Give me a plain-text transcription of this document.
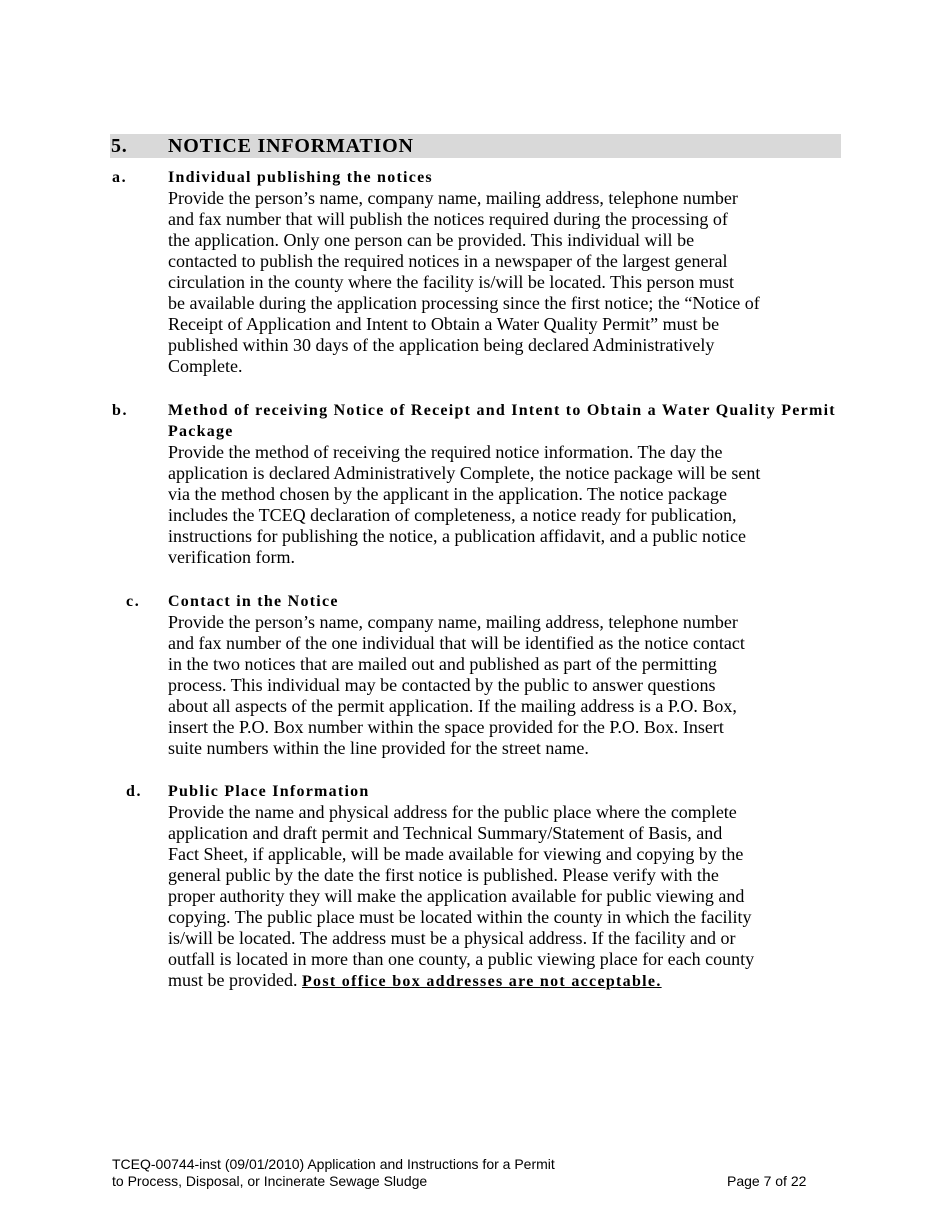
5. NOTICE INFORMATION
a.	Individual publishing the notices
Provide the person’s name, company name, mailing address, telephone number
and fax number that will publish the notices required during the processing of
the application. Only one person can be provided. This individual will be
contacted to publish the required notices in a newspaper of the largest general
circulation in the county where the facility is/will be located. This person must
be available during the application processing since the first notice; the “Notice of
Receipt of Application and Intent to Obtain a Water Quality Permit” must be
published within 30 days of the application being declared Administratively
Complete.
b. Method of receiving Notice of Receipt and Intent to Obtain a Water Quality Permit Package
Provide the method of receiving the required notice information. The day the
application is declared Administratively Complete, the notice package will be sent
via the method chosen by the applicant in the application. The notice package
includes the TCEQ declaration of completeness, a notice ready for publication,
instructions for publishing the notice, a publication affidavit, and a public notice
verification form.
c. Contact in the Notice
Provide the person’s name, company name, mailing address, telephone number
and fax number of the one individual that will be identified as the notice contact
in the two notices that are mailed out and published as part of the permitting
process. This individual may be contacted by the public to answer questions
about all aspects of the permit application. If the mailing address is a P.O. Box,
insert the P.O. Box number within the space provided for the P.O. Box. Insert
suite numbers within the line provided for the street name.
d. Public Place Information
Provide the name and physical address for the public place where the complete
application and draft permit and Technical Summary/Statement of Basis, and
Fact Sheet, if applicable, will be made available for viewing and copying by the
general public by the date the first notice is published. Please verify with the
proper authority they will make the application available for public viewing and
copying. The public place must be located within the county in which the facility
is/will be located. The address must be a physical address. If the facility and or
outfall is located in more than one county, a public viewing place for each county
must be provided. Post office box addresses are not acceptable.
TCEQ-00744-inst (09/01/2010) Application and Instructions for a Permit
to Process, Disposal, or Incinerate Sewage Sludge	Page 7 of 22
